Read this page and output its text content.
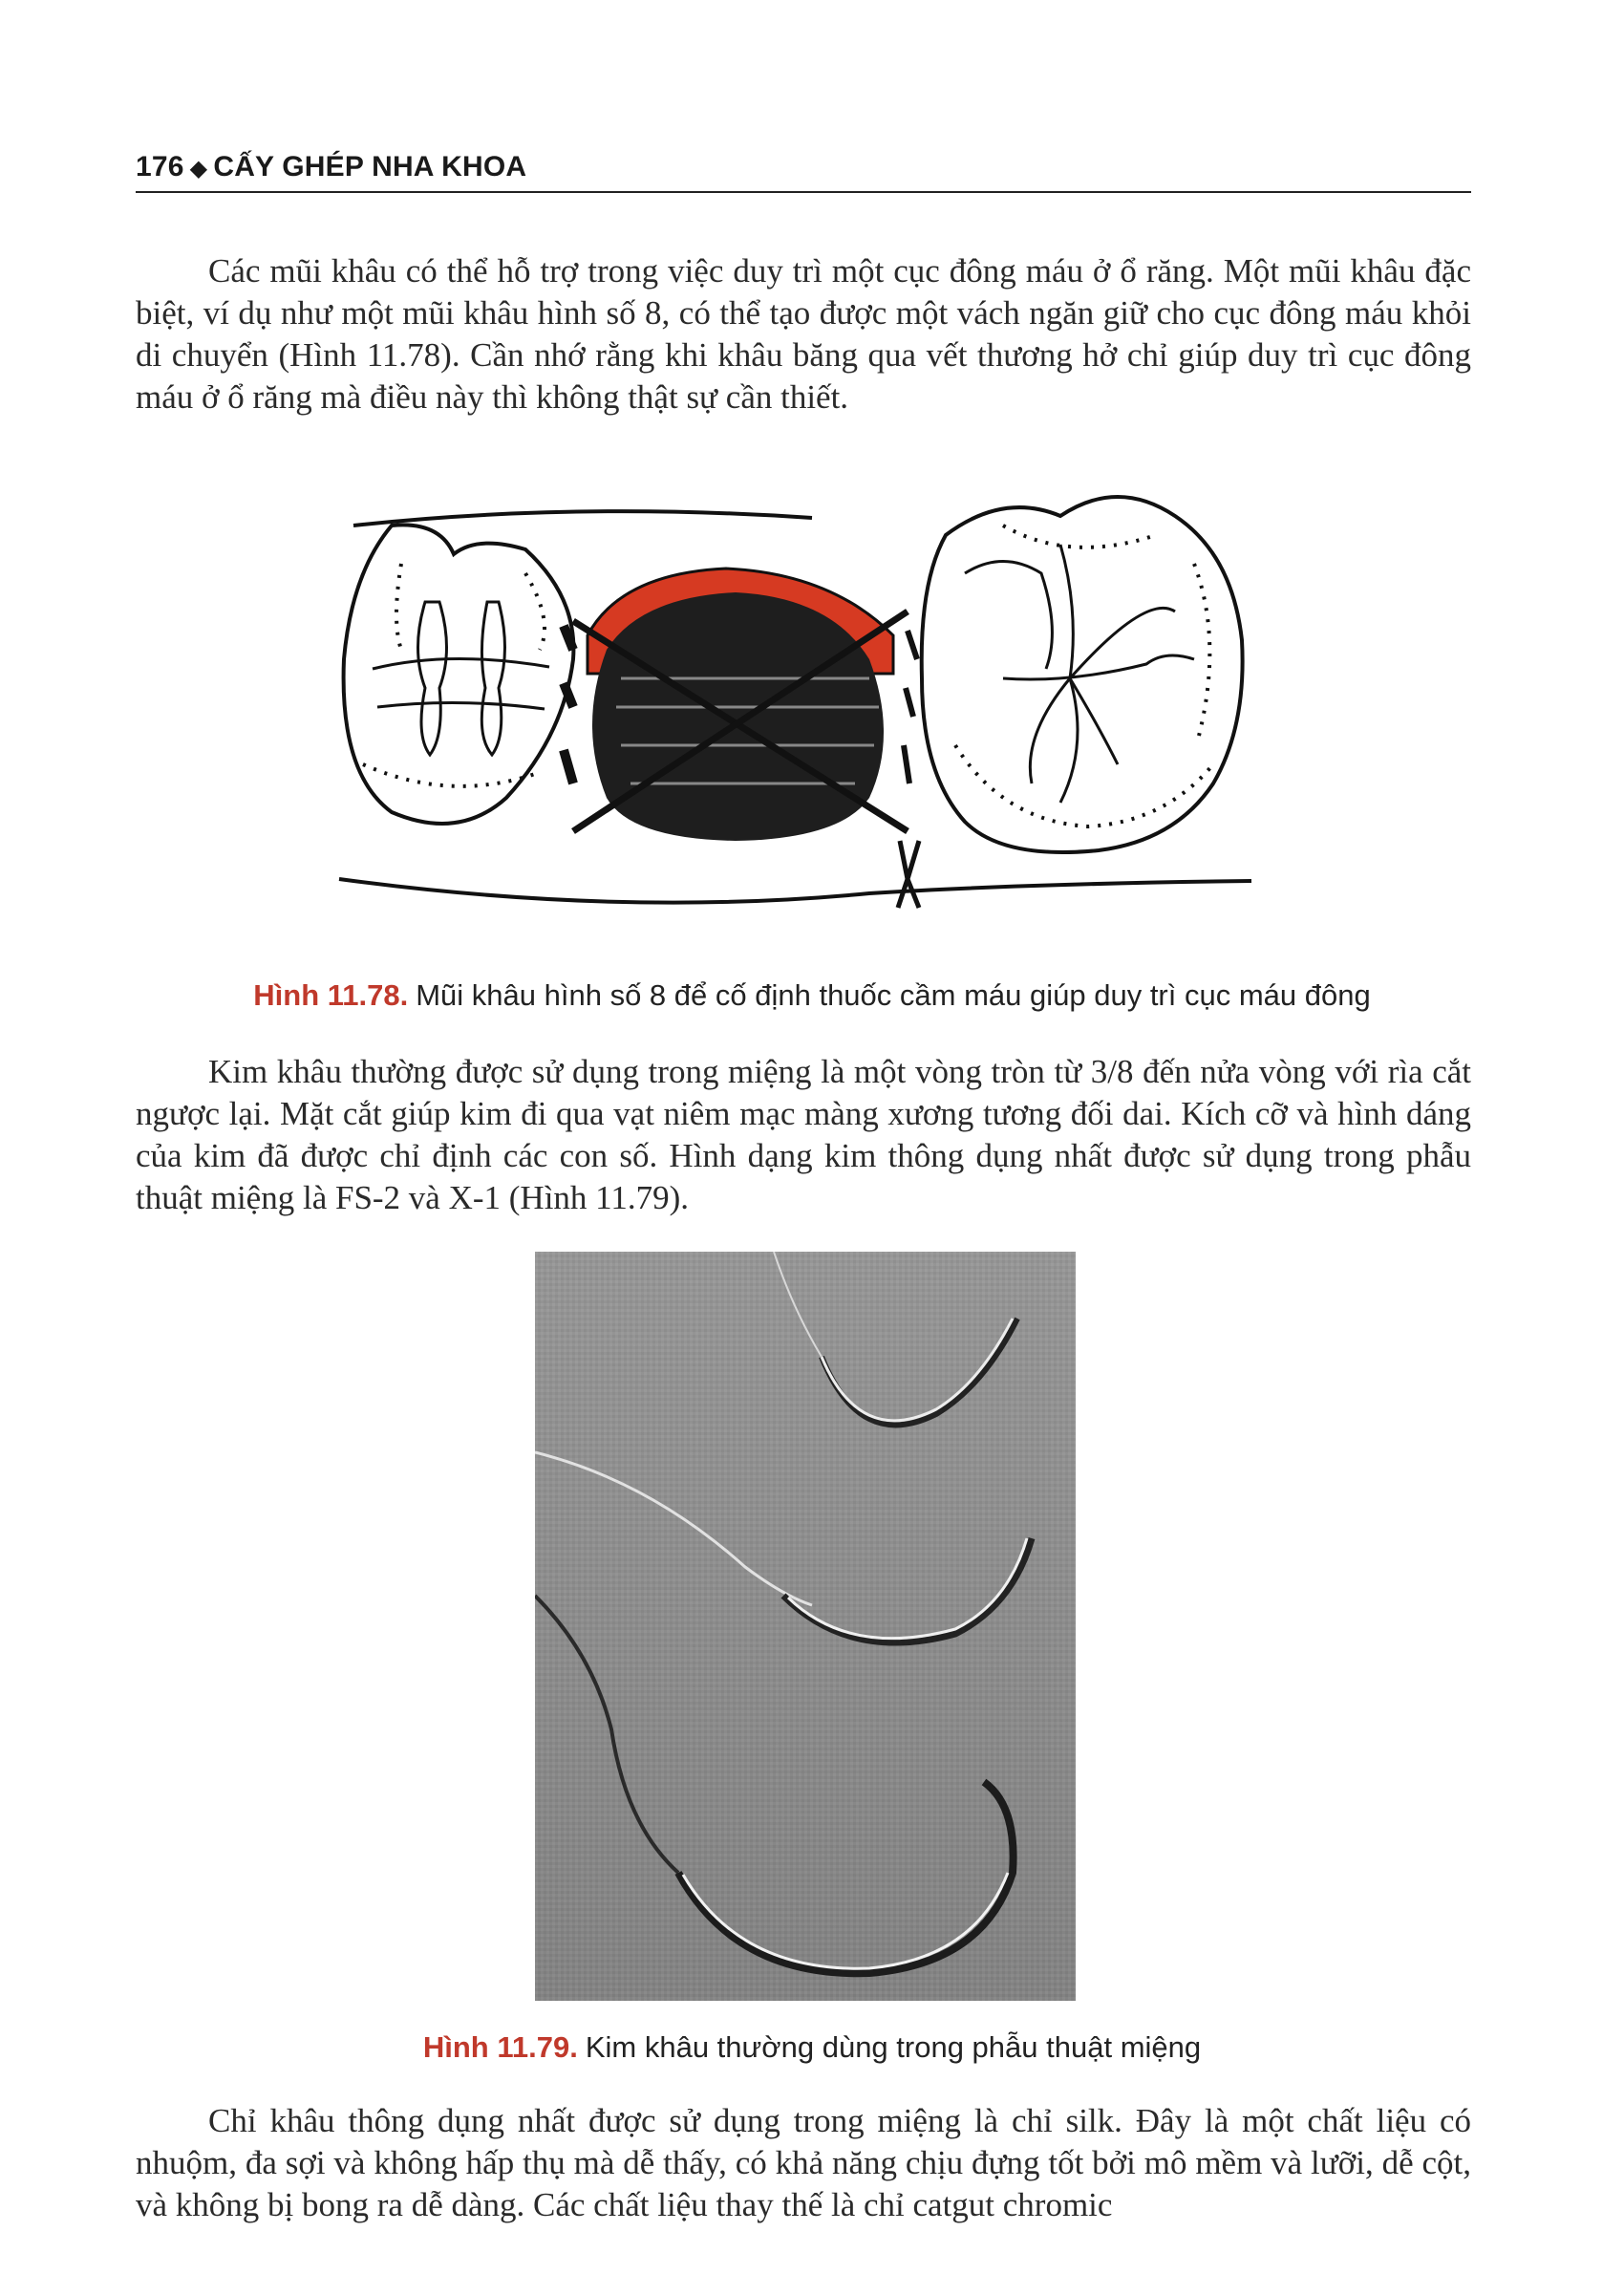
176 ◆ CẤY GHÉP NHA KHOA

Các mũi khâu có thể hỗ trợ trong việc duy trì một cục đông máu ở ổ răng. Một mũi khâu đặc biệt, ví dụ như một mũi khâu hình số 8, có thể tạo được một vách ngăn giữ cho cục đông máu khỏi di chuyển (Hình 11.78). Cần nhớ rằng khi khâu băng qua vết thương hở chỉ giúp duy trì cục đông máu ở ổ răng mà điều này thì không thật sự cần thiết.

Hình 11.78. Mũi khâu hình số 8 để cố định thuốc cầm máu giúp duy trì cục máu đông

Kim khâu thường được sử dụng trong miệng là một vòng tròn từ 3/8 đến nửa vòng với rìa cắt ngược lại. Mặt cắt giúp kim đi qua vạt niêm mạc màng xương tương đối dai. Kích cỡ và hình dáng của kim đã được chỉ định các con số. Hình dạng kim thông dụng nhất được sử dụng trong phẫu thuật miệng là FS-2 và X-1 (Hình 11.79).

Hình 11.79. Kim khâu thường dùng trong phẫu thuật miệng

Chỉ khâu thông dụng nhất được sử dụng trong miệng là chỉ silk. Đây là một chất liệu có nhuộm, đa sợi và không hấp thụ mà dễ thấy, có khả năng chịu đựng tốt bởi mô mềm và lưỡi, dễ cột, và không bị bong ra dễ dàng. Các chất liệu thay thế là chỉ catgut chromic
